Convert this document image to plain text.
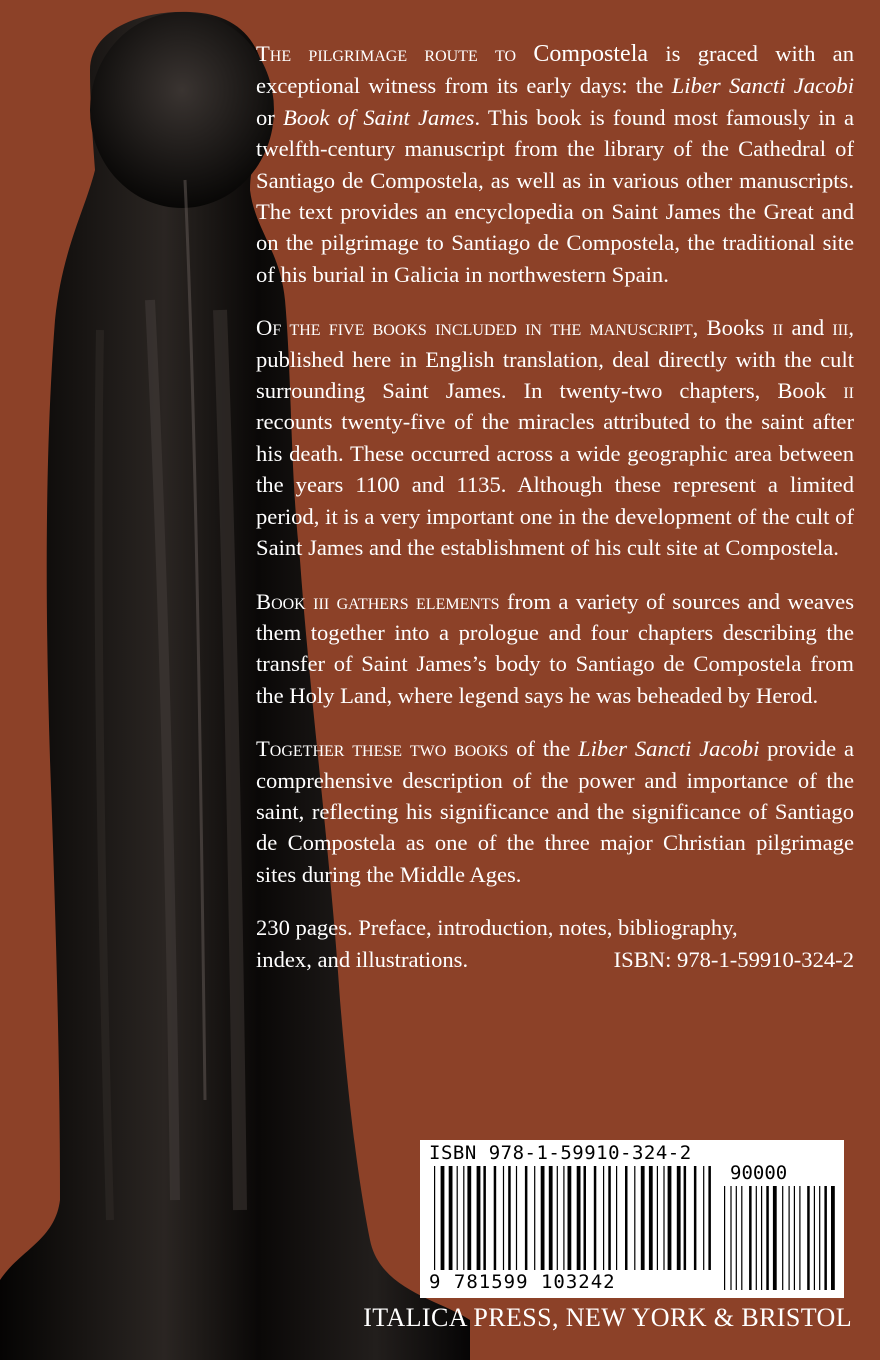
The pilgrimage route to Compostela is graced with an exceptional witness from its early days: the Liber Sancti Jacobi or Book of Saint James. This book is found most famously in a twelfth-century manuscript from the library of the Cathedral of Santiago de Compostela, as well as in various other manuscripts. The text provides an encyclopedia on Saint James the Great and on the pilgrimage to Santiago de Compostela, the traditional site of his burial in Galicia in northwestern Spain.

Of the five books included in the manuscript, Books ii and iii, published here in English translation, deal directly with the cult surrounding Saint James. In twenty-two chapters, Book ii recounts twenty-five of the miracles attributed to the saint after his death. These occurred across a wide geographic area between the years 1100 and 1135. Although these represent a limited period, it is a very important one in the development of the cult of Saint James and the establishment of his cult site at Compostela.

Book iii gathers elements from a variety of sources and weaves them together into a prologue and four chapters describing the transfer of Saint James’s body to Santiago de Compostela from the Holy Land, where legend says he was beheaded by Herod.

Together these two books of the Liber Sancti Jacobi provide a comprehensive description of the power and importance of the saint, reflecting his significance and the significance of Santiago de Compostela as one of the three major Christian pilgrimage sites during the Middle Ages.

230 pages. Preface, introduction, notes, bibliography,
index, and illustrations.	ISBN: 978-1-59910-324-2
ISBN 978-1-59910-324-2
90000
9 781599 103242
ITALICA PRESS, NEW YORK & BRISTOL
